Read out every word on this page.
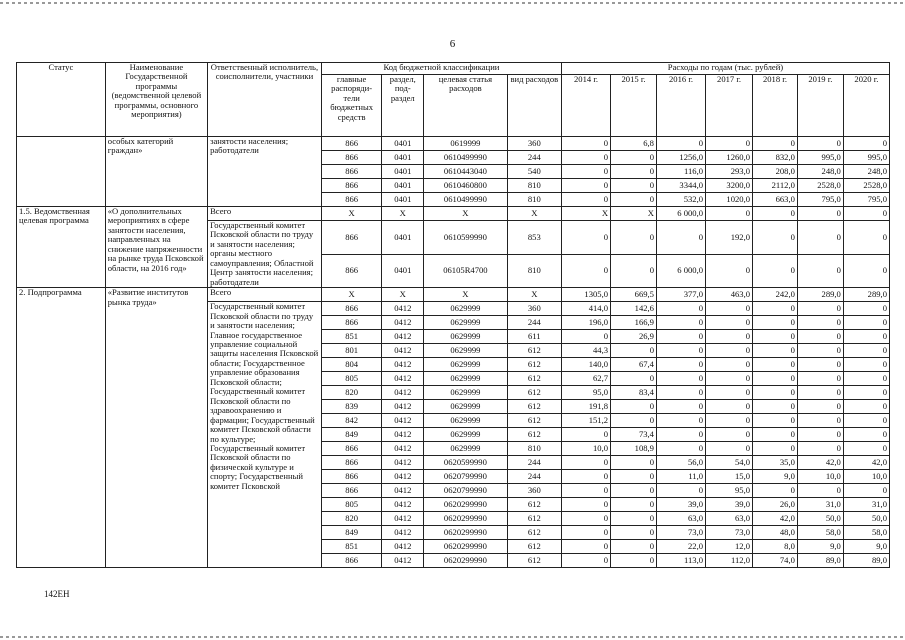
6
Статус	Наименование Государственной программы (ведомственной целевой программы, основного мероприятия)	Ответственный исполнитель, соисполнители, участники	Код бюджетной классификации				Расходы по годам (тыс. рублей)						
			главные распоряди-тели бюджетных средств	раздел, под-раздел	целевая статья расходов	вид расходов	2014 г.	2015 г.	2016 г.	2017 г.	2018 г.	2019 г.	2020 г.
	особых категорий граждан»	занятости населения; работодатели	866	0401	0619999	360	0	6,8	0	0	0	0	0
			866	0401	0610499990	244	0	0	1256,0	1260,0	832,0	995,0	995,0
			866	0401	0610443040	540	0	0	116,0	293,0	208,0	248,0	248,0
			866	0401	0610460800	810	0	0	3344,0	3200,0	2112,0	2528,0	2528,0
			866	0401	0610499990	810	0	0	532,0	1020,0	663,0	795,0	795,0
1.5. Ведомственная целевая программа	«О дополнительных мероприятиях в сфере занятости населения, направленных на снижение напряженности на рынке труда Псковской области, на 2016 год»	Всего	X	X	X	X	X	X	6 000,0	0	0	0	0
		Государственный комитет Псковской области по труду и занятости населения; органы местного самоуправления; Областной Центр занятости населения; работодатели	866	0401	0610599990	853	0	0	0	192,0	0	0	0
			866	0401	06105R4700	810	0	0	6 000,0	0	0	0	0
2. Подпрограмма	«Развитие институтов рынка труда»	Всего	X	X	X	X	1305,0	669,5	377,0	463,0	242,0	289,0	289,0
		Государственный комитет Псковской области по труду и занятости населения; Главное государственное управление социальной защиты населения Псковской области; Государственное управление образования Псковской области; Государственный комитет Псковской области по здравоохранению и фармации; Государственный комитет Псковской области по культуре; Государственный комитет Псковской области по физической культуре и спорту; Государственный комитет Псковской	866	0412	0629999	360	414,0	142,6	0	0	0	0	0
			866	0412	0629999	244	196,0	166,9	0	0	0	0	0
			851	0412	0629999	611	0	26,9	0	0	0	0	0
			801	0412	0629999	612	44,3	0	0	0	0	0	0
			804	0412	0629999	612	140,0	67,4	0	0	0	0	0
			805	0412	0629999	612	62,7	0	0	0	0	0	0
			820	0412	0629999	612	95,0	83,4	0	0	0	0	0
			839	0412	0629999	612	191,8	0	0	0	0	0	0
			842	0412	0629999	612	151,2	0	0	0	0	0	0
			849	0412	0629999	612	0	73,4	0	0	0	0	0
			866	0412	0629999	810	10,0	108,9	0	0	0	0	0
			866	0412	0620599990	244	0	0	56,0	54,0	35,0	42,0	42,0
			866	0412	0620799990	244	0	0	11,0	15,0	9,0	10,0	10,0
			866	0412	0620799990	360	0	0	0	95,0	0	0	0
			805	0412	0620299990	612	0	0	39,0	39,0	26,0	31,0	31,0
			820	0412	0620299990	612	0	0	63,0	63,0	42,0	50,0	50,0
			849	0412	0620299990	612	0	0	73,0	73,0	48,0	58,0	58,0
			851	0412	0620299990	612	0	0	22,0	12,0	8,0	9,0	9,0
			866	0412	0620299990	612	0	0	113,0	112,0	74,0	89,0	89,0
142ЕН
